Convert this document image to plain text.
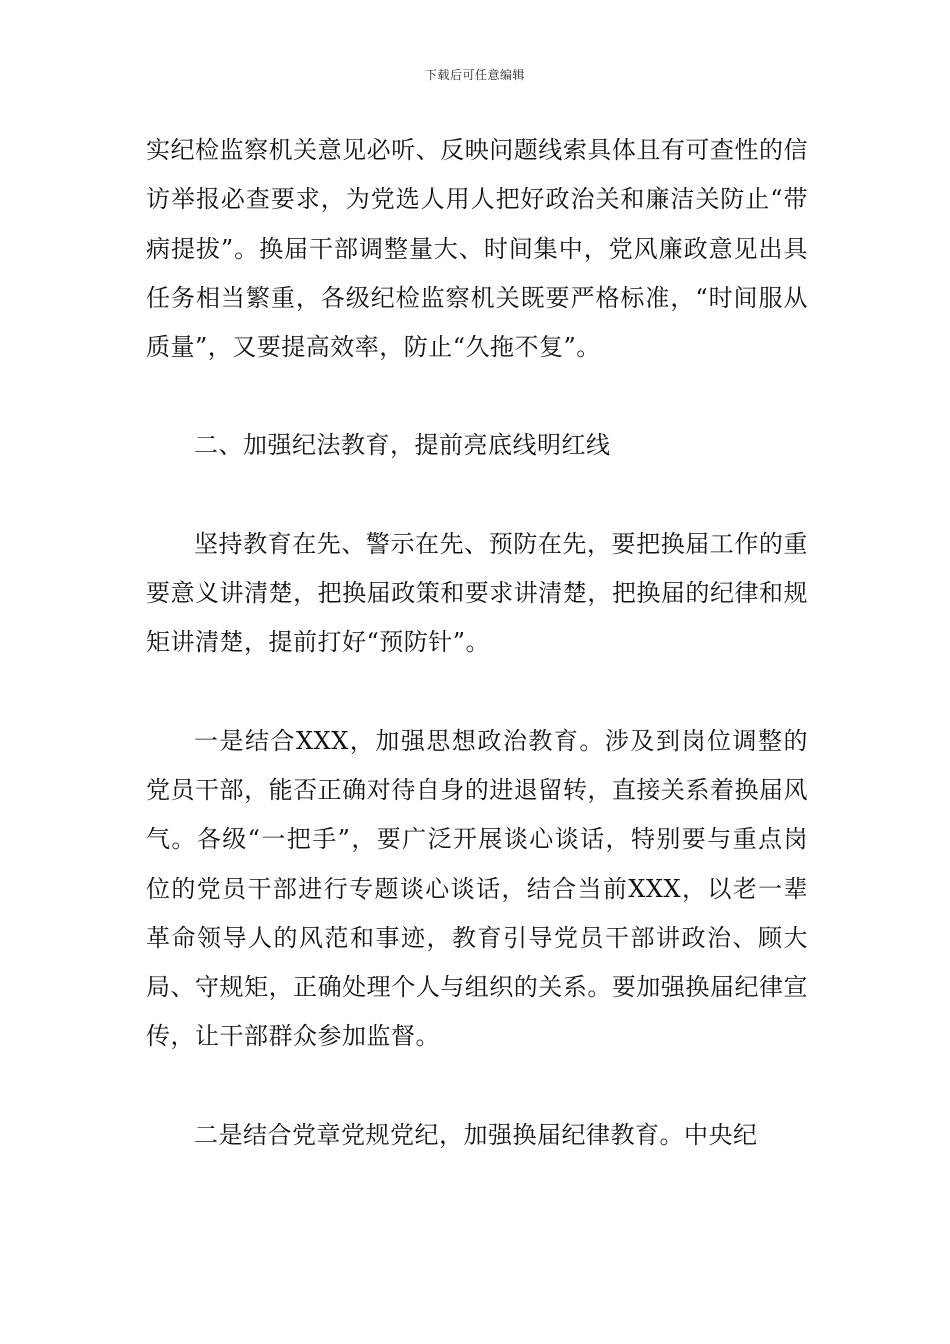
下载后可任意编辑

实纪检监察机关意见必听、反映问题线索具体且有可查性的信访举报必查要求，为党选人用人把好政治关和廉洁关防止“带病提拔”。换届干部调整量大、时间集中，党风廉政意见出具任务相当繁重，各级纪检监察机关既要严格标准，“时间服从质量”，又要提高效率，防止“久拖不复”。

二、加强纪法教育，提前亮底线明红线

坚持教育在先、警示在先、预防在先，要把换届工作的重要意义讲清楚，把换届政策和要求讲清楚，把换届的纪律和规矩讲清楚，提前打好“预防针”。

一是结合XXX，加强思想政治教育。涉及到岗位调整的党员干部，能否正确对待自身的进退留转，直接关系着换届风气。各级“一把手”，要广泛开展谈心谈话，特别要与重点岗位的党员干部进行专题谈心谈话，结合当前XXX，以老一辈革命领导人的风范和事迹，教育引导党员干部讲政治、顾大局、守规矩，正确处理个人与组织的关系。要加强换届纪律宣传，让干部群众参加监督。

二是结合党章党规党纪，加强换届纪律教育。中央纪
